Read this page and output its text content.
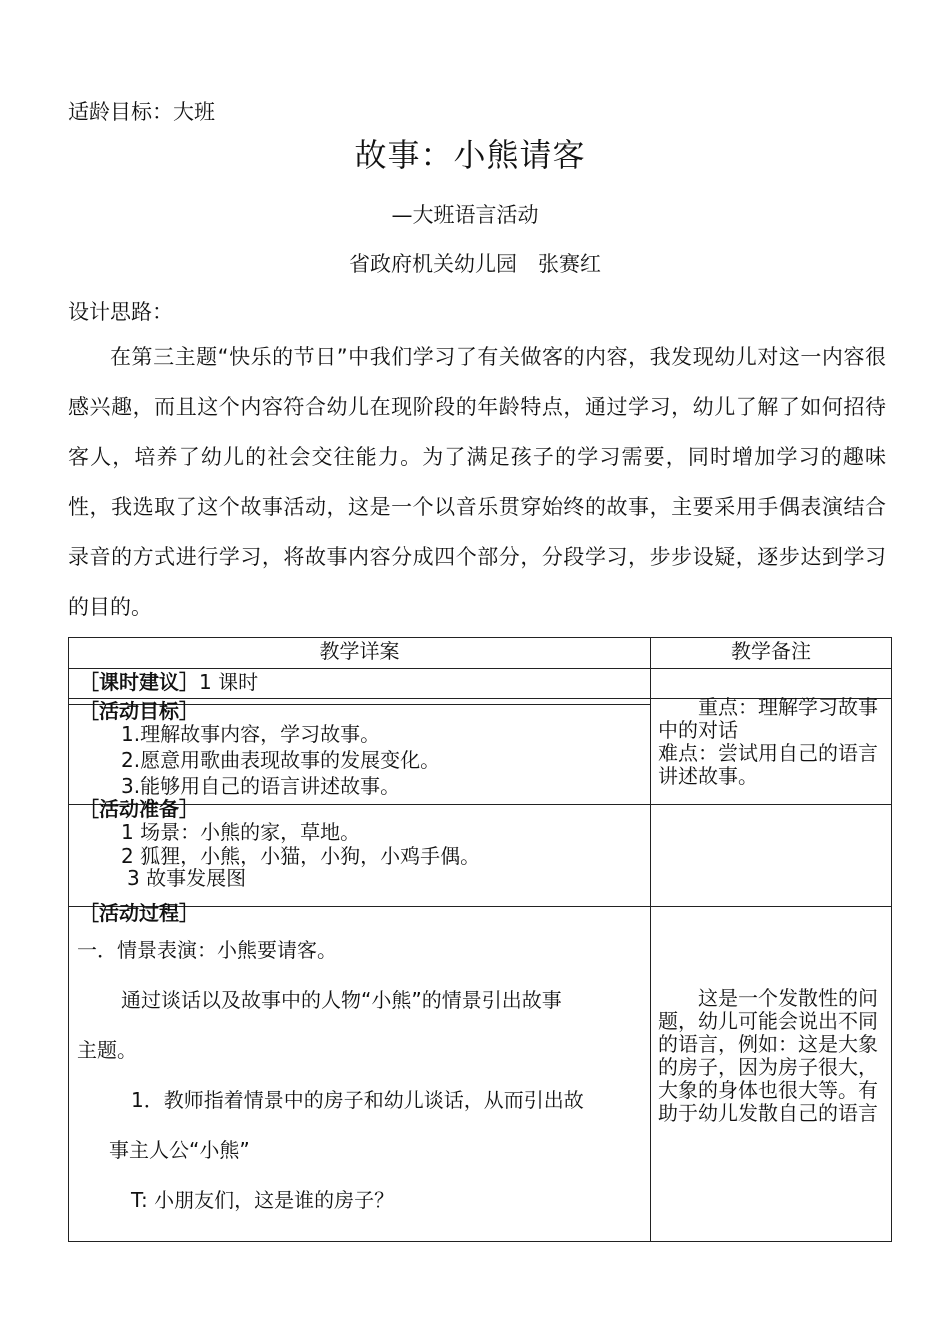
适龄目标：大班
故事：小熊请客
—大班语言活动
省政府机关幼儿园　张赛红
设计思路：
在第三主题“快乐的节日”中我们学习了有关做客的内容，我发现幼儿对这一内容很感兴趣，而且这个内容符合幼儿在现阶段的年龄特点，通过学习，幼儿了解了如何招待客人，培养了幼儿的社会交往能力。为了满足孩子的学习需要，同时增加学习的趣味性，我选取了这个故事活动，这是一个以音乐贯穿始终的故事，主要采用手偶表演结合录音的方式进行学习，将故事内容分成四个部分，分段学习，步步设疑，逐步达到学习的目的。
教学详案	教学备注
［课时建议］1 课时
［活动目标］
1.理解故事内容，学习故事。
2.愿意用歌曲表现故事的发展变化。
3.能够用自己的语言讲述故事。
重点：理解学习故事中的对话
难点：尝试用自己的语言讲述故事。
［活动准备］
1 场景：小熊的家，草地。
2 狐狸，小熊，小猫，小狗，小鸡手偶。
3 故事发展图
［活动过程］
一．情景表演：小熊要请客。
通过谈话以及故事中的人物“小熊”的情景引出故事
主题。
1．教师指着情景中的房子和幼儿谈话，从而引出故
事主人公“小熊”
T: 小朋友们，这是谁的房子？
这是一个发散性的问题，幼儿可能会说出不同的语言，例如：这是大象的房子，因为房子很大，大象的身体也很大等。有助于幼儿发散自己的语言
